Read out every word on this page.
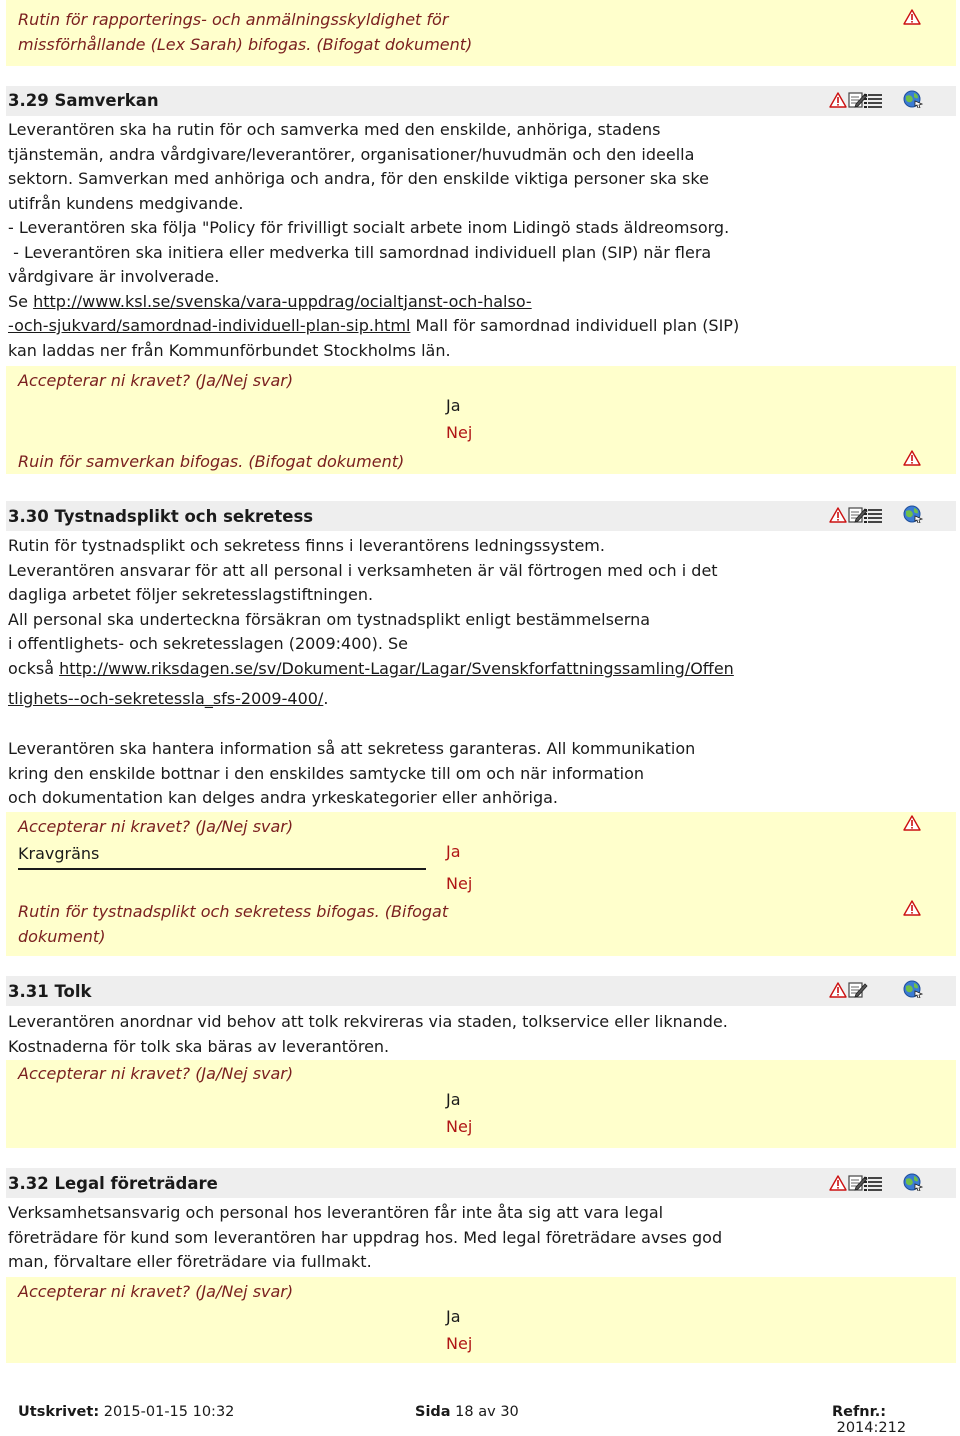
Rutin för rapporterings- och anmälningsskyldighet för
missförhållande (Lex Sarah) bifogas. (Bifogat dokument)
3.29 Samverkan
Leverantören ska ha rutin för och samverka med den enskilde, anhöriga, stadens
tjänstemän, andra vårdgivare/leverantörer, organisationer/huvudmän och den ideella
sektorn. Samverkan med anhöriga och andra, för den enskilde viktiga personer ska ske
utifrån kundens medgivande.
- Leverantören ska följa "Policy för frivilligt socialt arbete inom Lidingö stads äldreomsorg.
- Leverantören ska initiera eller medverka till samordnad individuell plan (SIP) när flera
vårdgivare är involverade.
Se http://www.ksl.se/svenska/vara-uppdrag/ocialtjanst-och-halso-
-och-sjukvard/samordnad-individuell-plan-sip.html Mall för samordnad individuell plan (SIP)
kan laddas ner från Kommunförbundet Stockholms län.
Accepterar ni kravet? (Ja/Nej svar)
Ja
Nej
Ruin för samverkan bifogas. (Bifogat dokument)
3.30 Tystnadsplikt och sekretess
Rutin för tystnadsplikt och sekretess finns i leverantörens ledningssystem.
Leverantören ansvarar för att all personal i verksamheten är väl förtrogen med och i det
dagliga arbetet följer sekretesslagstiftningen.
All personal ska underteckna försäkran om tystnadsplikt enligt bestämmelserna
i offentlighets- och sekretesslagen (2009:400). Se
också http://www.riksdagen.se/sv/Dokument-Lagar/Lagar/Svenskforfattningssamling/Offen
tlighets--och-sekretessla_sfs-2009-400/.
Leverantören ska hantera information så att sekretess garanteras. All kommunikation
kring den enskilde bottnar i den enskildes samtycke till om och när information
och dokumentation kan delges andra yrkeskategorier eller anhöriga.
Accepterar ni kravet? (Ja/Nej svar)
Kravgräns	Ja
Nej
Rutin för tystnadsplikt och sekretess bifogas. (Bifogat
dokument)
3.31 Tolk
Leverantören anordnar vid behov att tolk rekvireras via staden, tolkservice eller liknande.
Kostnaderna för tolk ska bäras av leverantören.
Accepterar ni kravet? (Ja/Nej svar)
Ja
Nej
3.32 Legal företrädare
Verksamhetsansvarig och personal hos leverantören får inte åta sig att vara legal
företrädare för kund som leverantören har uppdrag hos. Med legal företrädare avses god
man, förvaltare eller företrädare via fullmakt.
Accepterar ni kravet? (Ja/Nej svar)
Ja
Nej
Utskrivet: 2015-01-15 10:32	Sida 18 av 30	Refnr.: 2014:212
